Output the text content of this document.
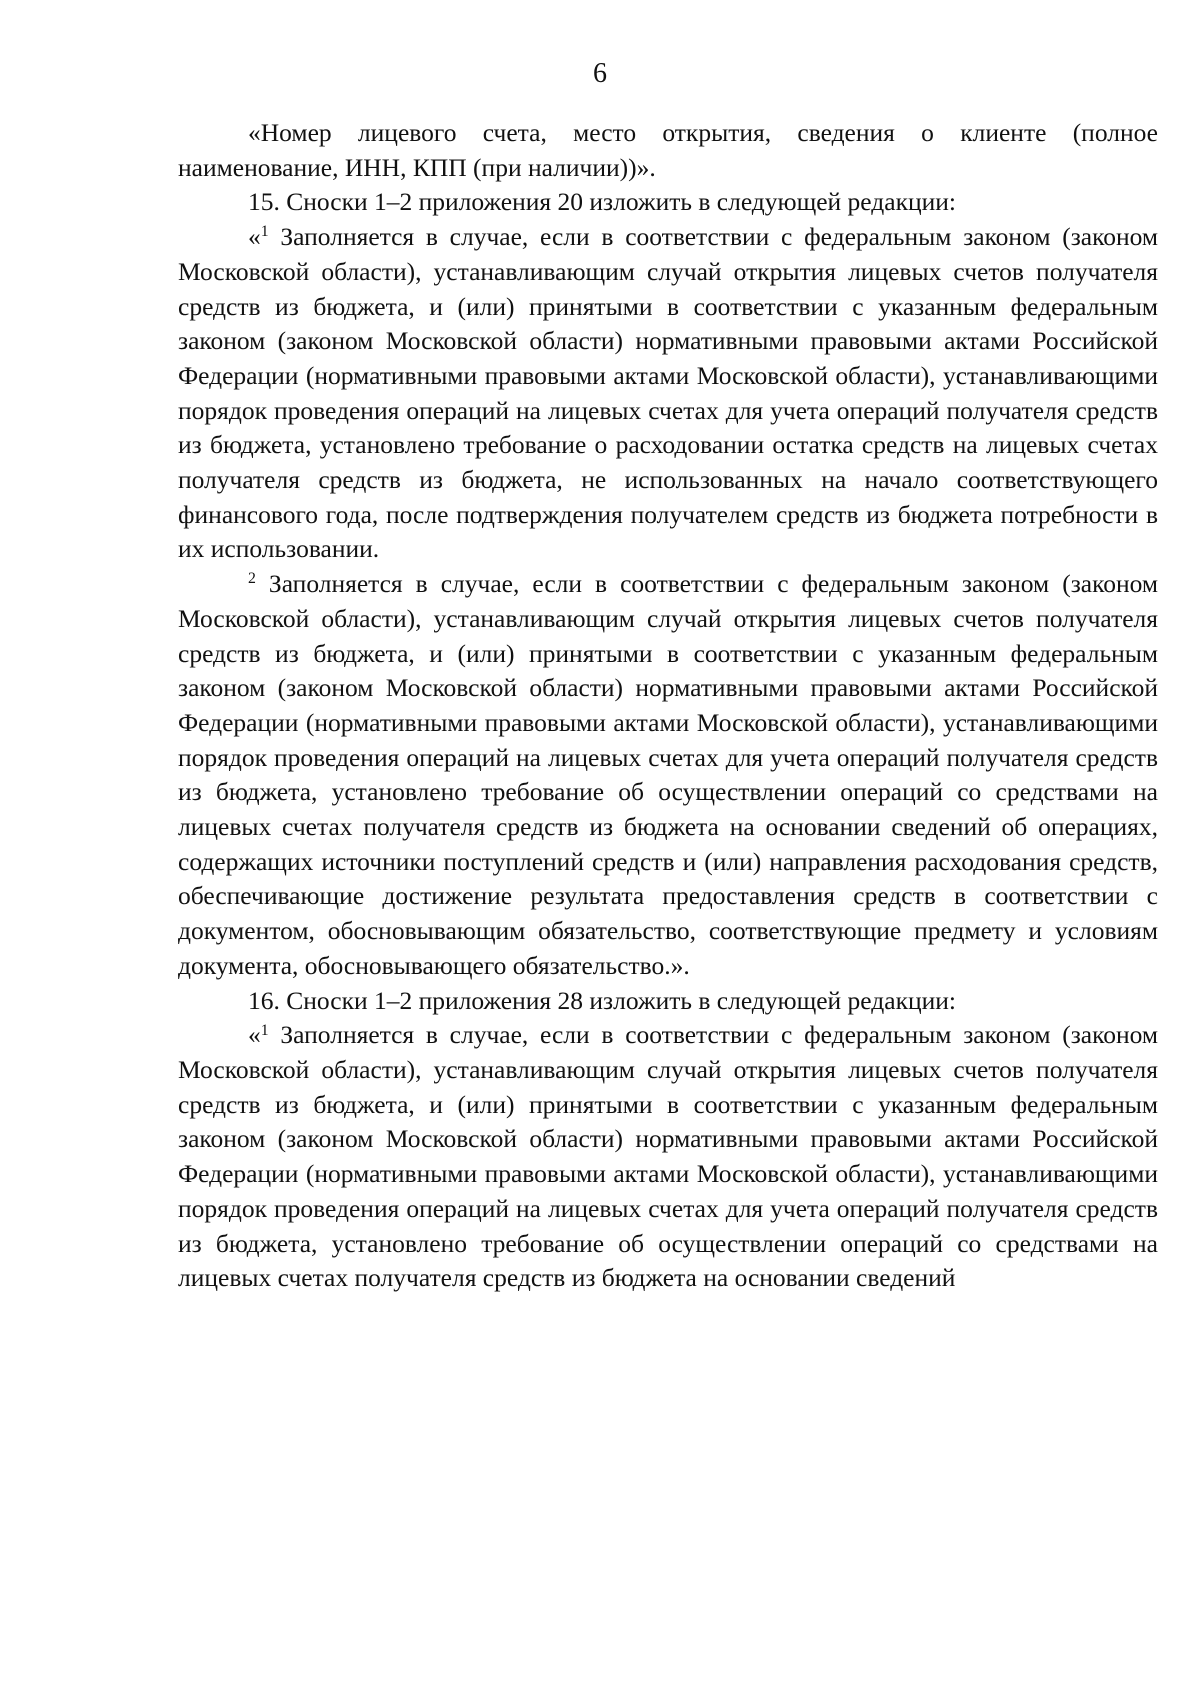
6

«Номер лицевого счета, место открытия, сведения о клиенте (полное наименование, ИНН, КПП (при наличии))».

15. Сноски 1–2 приложения 20 изложить в следующей редакции:

«$^1$ Заполняется в случае, если в соответствии с федеральным законом (законом Московской области), устанавливающим случай открытия лицевых счетов получателя средств из бюджета, и (или) принятыми в соответствии с указанным федеральным законом (законом Московской области) нормативными правовыми актами Российской Федерации (нормативными правовыми актами Московской области), устанавливающими порядок проведения операций на лицевых счетах для учета операций получателя средств из бюджета, установлено требование о расходовании остатка средств на лицевых счетах получателя средств из бюджета, не использованных на начало соответствующего финансового года, после подтверждения получателем средств из бюджета потребности в их использовании.

$^2$ Заполняется в случае, если в соответствии с федеральным законом (законом Московской области), устанавливающим случай открытия лицевых счетов получателя средств из бюджета, и (или) принятыми в соответствии с указанным федеральным законом (законом Московской области) нормативными правовыми актами Российской Федерации (нормативными правовыми актами Московской области), устанавливающими порядок проведения операций на лицевых счетах для учета операций получателя средств из бюджета, установлено требование об осуществлении операций со средствами на лицевых счетах получателя средств из бюджета на основании сведений об операциях, содержащих источники поступлений средств и (или) направления расходования средств, обеспечивающие достижение результата предоставления средств в соответствии с документом, обосновывающим обязательство, соответствующие предмету и условиям документа, обосновывающего обязательство.».

16. Сноски 1–2 приложения 28 изложить в следующей редакции:

«$^1$ Заполняется в случае, если в соответствии с федеральным законом (законом Московской области), устанавливающим случай открытия лицевых счетов получателя средств из бюджета, и (или) принятыми в соответствии с указанным федеральным законом (законом Московской области) нормативными правовыми актами Российской Федерации (нормативными правовыми актами Московской области), устанавливающими порядок проведения операций на лицевых счетах для учета операций получателя средств из бюджета, установлено требование об осуществлении операций со средствами на лицевых счетах получателя средств из бюджета на основании сведений
